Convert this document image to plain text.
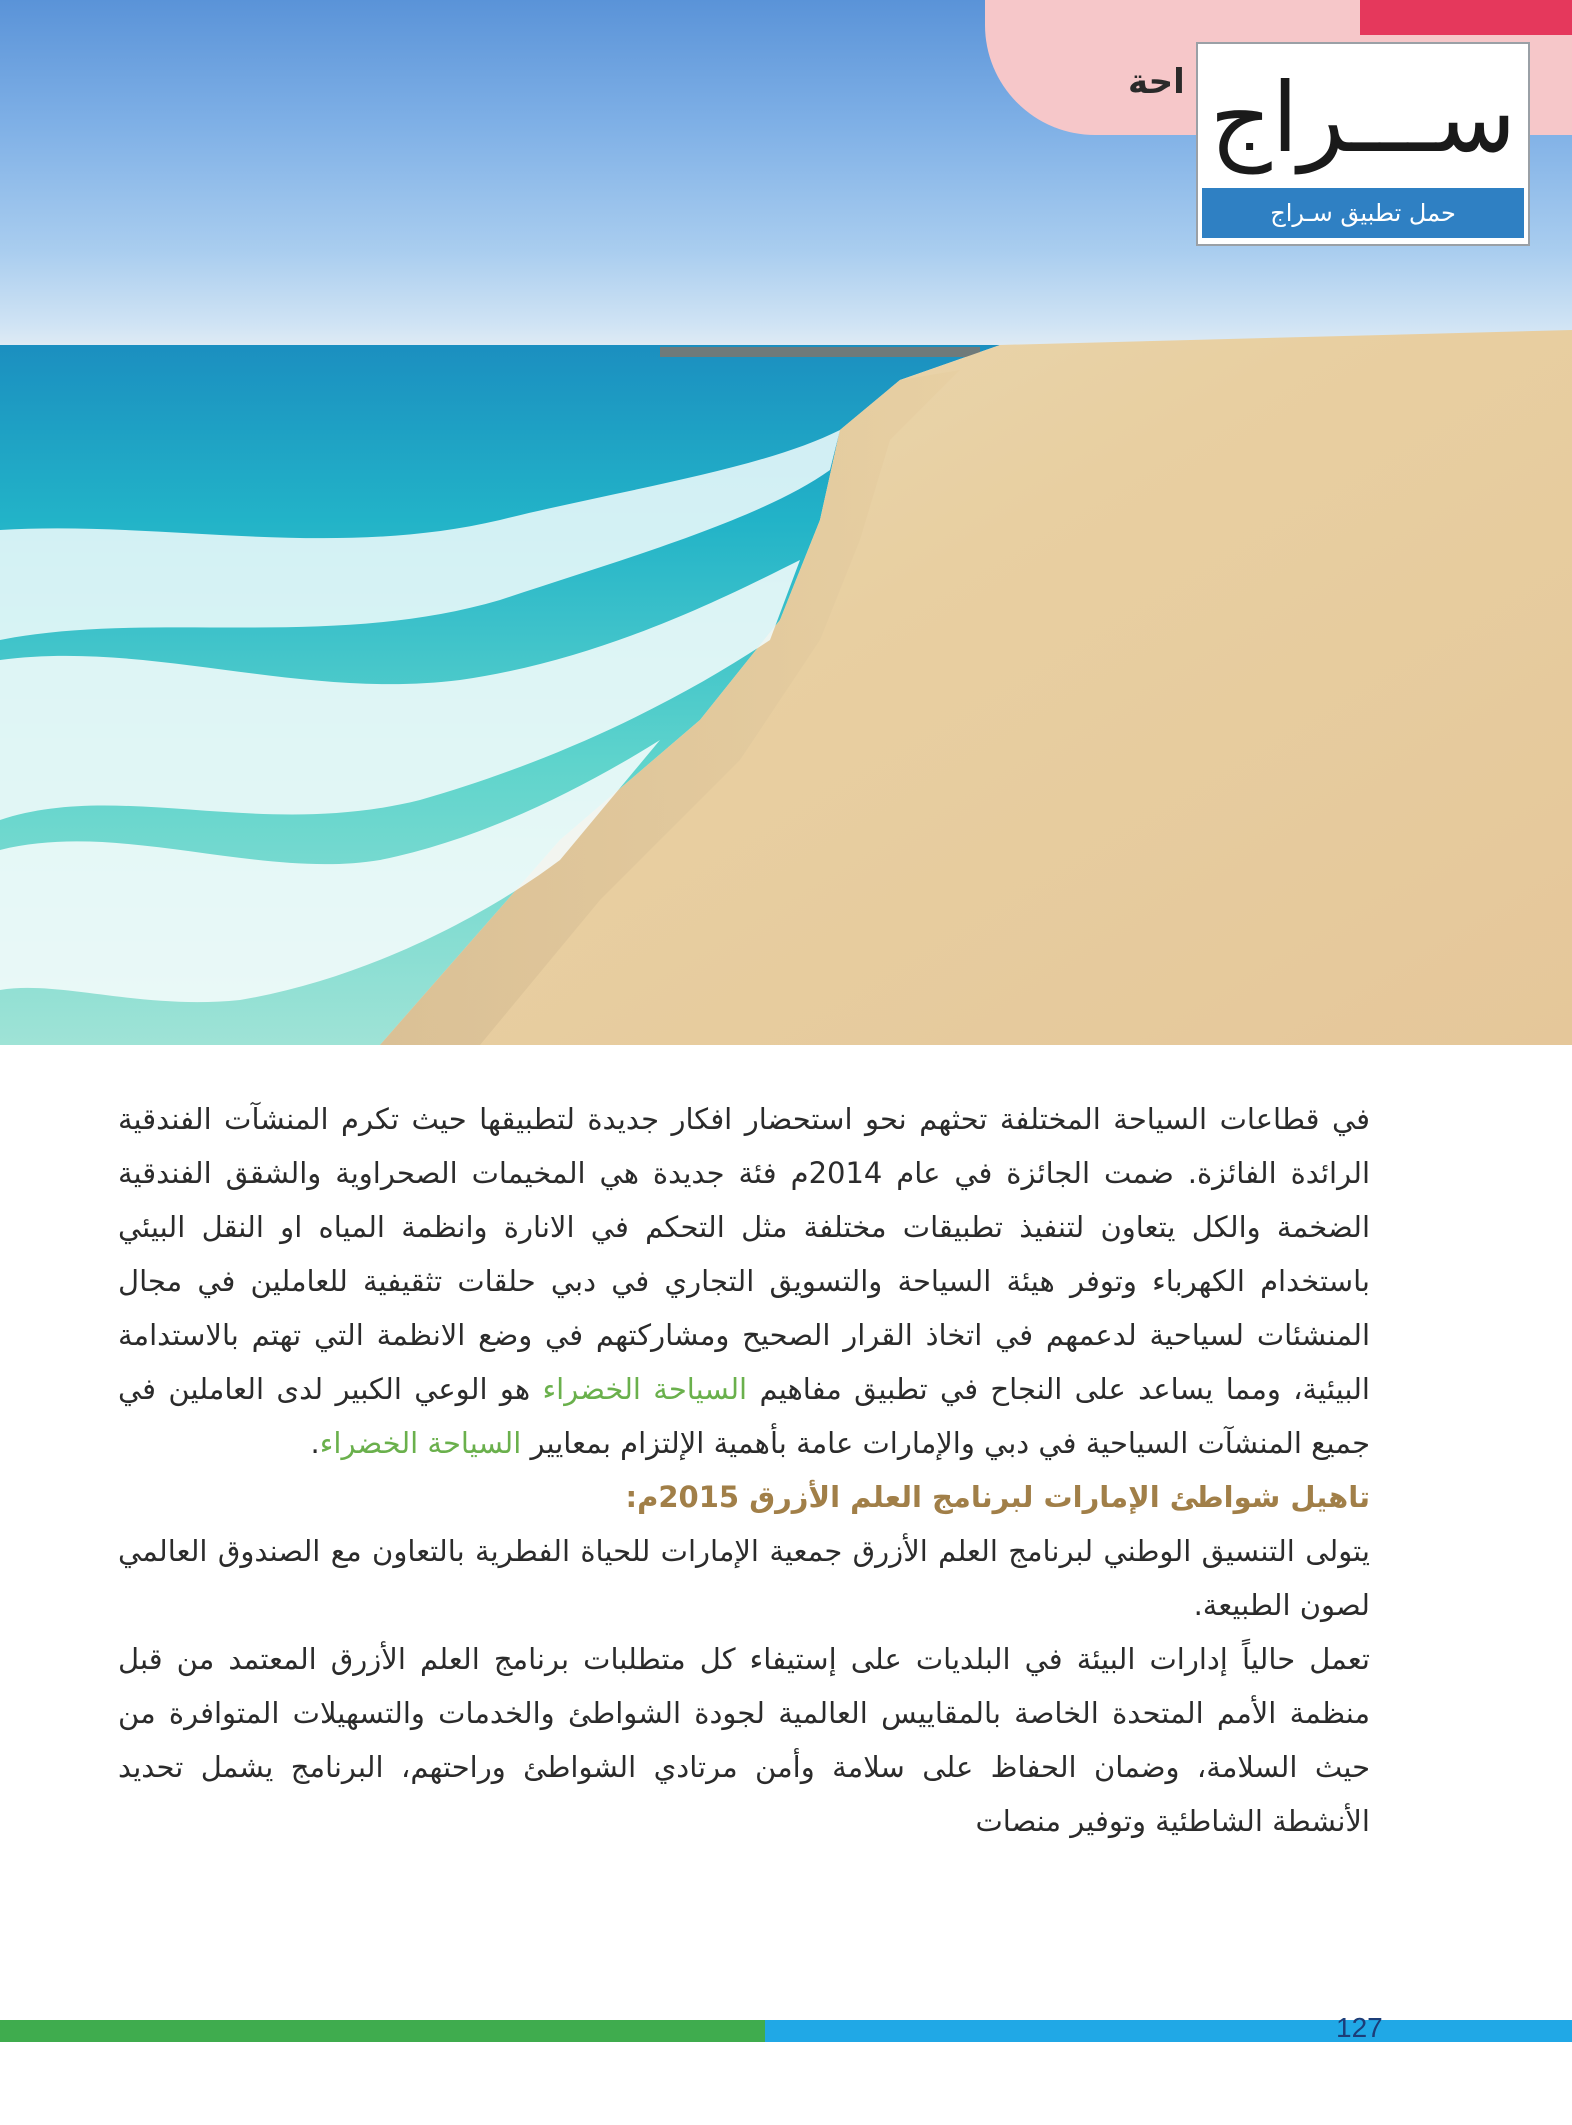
احة ســـراج
حمل تطبيق سـراج

في قطاعات السياحة المختلفة تحثهم نحو استحضار افكار جديدة لتطبيقها حيث تكرم المنشآت الفندقية الرائدة الفائزة. ضمت الجائزة في عام 2014م فئة جديدة هي المخيمات الصحراوية والشقق الفندقية الضخمة والكل يتعاون لتنفيذ تطبيقات مختلفة مثل التحكم في الانارة وانظمة المياه او النقل البيئي باستخدام الكهرباء وتوفر هيئة السياحة والتسويق التجاري في دبي حلقات تثقيفية للعاملين في مجال المنشئات لسياحية لدعمهم في اتخاذ القرار الصحيح ومشاركتهم في وضع الانظمة التي تهتم بالاستدامة البيئية، ومما يساعد على النجاح في تطبيق مفاهيم السياحة الخضراء هو الوعي الكبير لدى العاملين في جميع المنشآت السياحية في دبي والإمارات عامة بأهمية الإلتزام بمعايير السياحة الخضراء.

تاهيل شواطئ الإمارات لبرنامج العلم الأزرق 2015م:

يتولى التنسيق الوطني لبرنامج العلم الأزرق جمعية الإمارات للحياة الفطرية بالتعاون مع الصندوق العالمي لصون الطبيعة.

تعمل حالياً إدارات البيئة في البلديات على إستيفاء كل متطلبات برنامج العلم الأزرق المعتمد من قبل منظمة الأمم المتحدة الخاصة بالمقاييس العالمية لجودة الشواطئ والخدمات والتسهيلات المتوافرة من حيث السلامة، وضمان الحفاظ على سلامة وأمن مرتادي الشواطئ وراحتهم، البرنامج يشمل تحديد الأنشطة الشاطئية وتوفير منصات

127
